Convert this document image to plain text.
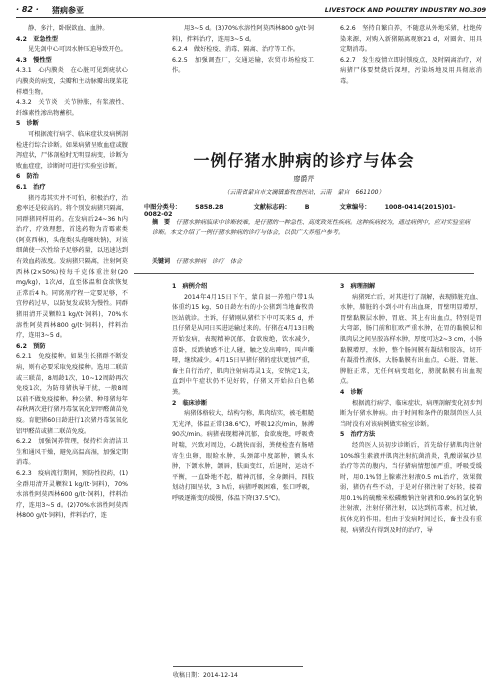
· 82 · 猪病参亚	LIVESTOCK AND POULTRY INDUSTRY NO.309

静、多汁，卧眠欲血、血肿。

4.2　亚急性型

见先剑中心可因水肿压迫导致开色。

4.3　慢性型

4.3.1　心内膜炎　在心脏可见到疣状心内膜炎的病变，尖瓣和主动脉瓣出现菜花样增生物。

4.3.2　关节炎　关节肿胀，有浆液性、纤维素性渗出物蓄积。

5　诊断

可根据流行病学、临床症状及病例剖检进行综合诊断。如果病猪呈败血症或腹泻症状，尸体剖检时无明显病变，诊断为败血症症，诊断时可进行实验室诊断。

6　防治

6.1　治疗

猪丹毒其实并不可怕，积极治疗，治愈率还是较高的。将个别发病猪只隔离，同群猪同样用药。在发病后24~36 h内治疗，疗效理想，首选药物为青霉素类(阿莫西林)，头孢类(头孢噻呋钠)，对该细菌使一次性给予足够药量，以迅速达到有效血药浓度。发病猪只隔离，注射阿莫西林(2×50%)按每千克体重注射(20 mg/kg)，1次/d，直至体温和食欲恢复正常后4 h。同窝剂疗程一定要足够，不宜停药过早，以防复发或转为慢性。同群猪用清开灵颗粒1 kg/(t·饲料)，70%水溶性阿莫西林800 g/(t·饲料)，拌料治疗，连用3~5 d。

6.2　预防

6.2.1　免疫接种。如果生长猪群不断发病，则有必要采取免疫接种。选用二联苗或三联苗，8周龄1次，10~12周龄再次免疫1次，为防母猪执导干扰，一般8周以前不做免疫接种。种公猪、种母猪每年春秋两次进行猪丹毒氢氧化铝甲醛菌苗免疫。育肥猪60日龄进行1次猪丹毒氢氧化铝甲醛苗或猪二联苗免疫。

6.2.2　加强饲养管理，保持栏舍清洁卫生和通风干燥，避免高温高湿，加强定期消毒。

6.2.3　疫病流行期间，预防性投药，(1)全群用清开灵颗粒1 kg/(t·饲料)，70%水溶性阿莫西林600 g/(t·饲料)，拌料治疗，连用3~5 d。(2)70%水溶性阿莫西林800 g/(t·饲料)，拌料治疗，连

用3~5 d。(3)70%水溶性阿莫西林800 g/(t·饲料)，拌料治疗，连用3~5 d。

6.2.4　做好检疫、消毒、隔离、治疗等工作。

6.2.5　加强调查厂，交通运输，农贸市场检疫工作。

6.2.6　坚持自繁自养，不随意从外地采猪，杜绝传染来源，对购入新猪隔离观察21 d，对圈舍、用具定期消毒。

6.2.7　发生疫情立即封锁疫点，及时隔离治疗，对病猪尸体要焚烧后深埋，污染场地及用具彻底消毒。

一例仔猪水肿病的诊疗与体会
廖爵芹
（云南省蒙自市文澜镇畜牧兽医站，云南　蒙自　661100）
中图分类号： S858.28	文献标志码： B	文章编号： 1008-0414(2015)01-0082-02
摘　要 仔猪水肿病临床中诊断较难，是仔猪的一种急性、高度致死性疾病。这种疾病较为，通过病例中，应对实验室病诊断。本文介绍了一例仔猪水肿病的诊疗与体会，以供广大养殖户参考。
关键词 仔猪水肿病　诊疗　体会

1　病例介绍

2014年4月15日下午，蒙自县一养殖户带1头体重约15 kg、50日龄左右的小公猪到当地畜牧兽医站就诊。主诉，仔猪刚从猪栏下中可买来5 d，并且仔猪是从同日买进运输过来的。仔猪在4月13日晚开始发病，表现精神沉郁，食欲废绝，饮水减少，喜卧，反跌敏感不让人碰，触之发出呻吟，叫声嘶哑，继续减少。4月15日早猪仔猪的症状更加严重，畜主自行治疗，肌肉注射病毒灵1支，安钠定1支，直到中午症状仍不见好转，仔猪又开始拉白色稀粪。

2　临床诊断

病猪体格较大，结构匀称，肌肉结实，被毛粗糙无光泽，体温正常(38.6℃)，呼吸12次/min，脉搏90次/min。病猪表现精神沉郁，食欲废绝，呼吸费时喘，兴致对周边，心跳快而弱，粪便检查有肠嗜寄生虫卵，眼睑水肿，头颈部中度部肿，额头水肿，下颌水肿，颌唇，肤面变红，后退时，运动不平衡，一直卧地不起，精神沉郁，全身颤抖，四肢划动打圈呈状，3 h后，病猪呼吸困难，张口呼吸，呼吸逐渐变的缓慢，体温下降(37.5℃)。

3　病理剖解

病猪死亡后，对其进行了剖解，表现肺脏充血、水肿，肺脏的小到小叶有出血斑，胃壁明显增厚，胃壁黏膜层水肿，胃底、其上有出血点，特别是胃大弯部，肠门前和肛欧严重水肿，在胃的黏膜层和肌肉层之间呈胶冻样水肿，厚度可达2~3 cm，小肠黏膜增厚，水肿，整个肠间膜有凝结和胶冻，切开有凝滑性液体，大肠黏膜有出血点，心脏、肾脏、脾脏正常，无任何病变组化，膀胱黏膜有出血现点。

4　诊断

根据流行病学、临床症状，病理剖解变化初步判断为仔猪水肿病。由于时间和条件的限制兽医人员当时没有对该病例做实验室诊断。

5　治疗方法

经兽医人员初步诊断后，首先给仔猪肌肉注射10%维生素液并肌肉注射抗菌消炎，乳酸诺氟沙星治疗等苦的腹内，当仔猪病情想加严重，呼吸受缓时，用0.1%肾上腺素注射液0.5 mL治疗，效果微弱，猪仍有些不动，于是对仔猪注射了好转，接着用0.1%的硫酸米松磷酸钠注射液和0.9%的氯化钠注射液，注射仔猪注射，以达到抗毒素，抗过敏，抗休克的作用。但由于发病时间过长，畜主没有重视，病猪没有得到及时的治疗，导

收稿日期：2014-12-14
